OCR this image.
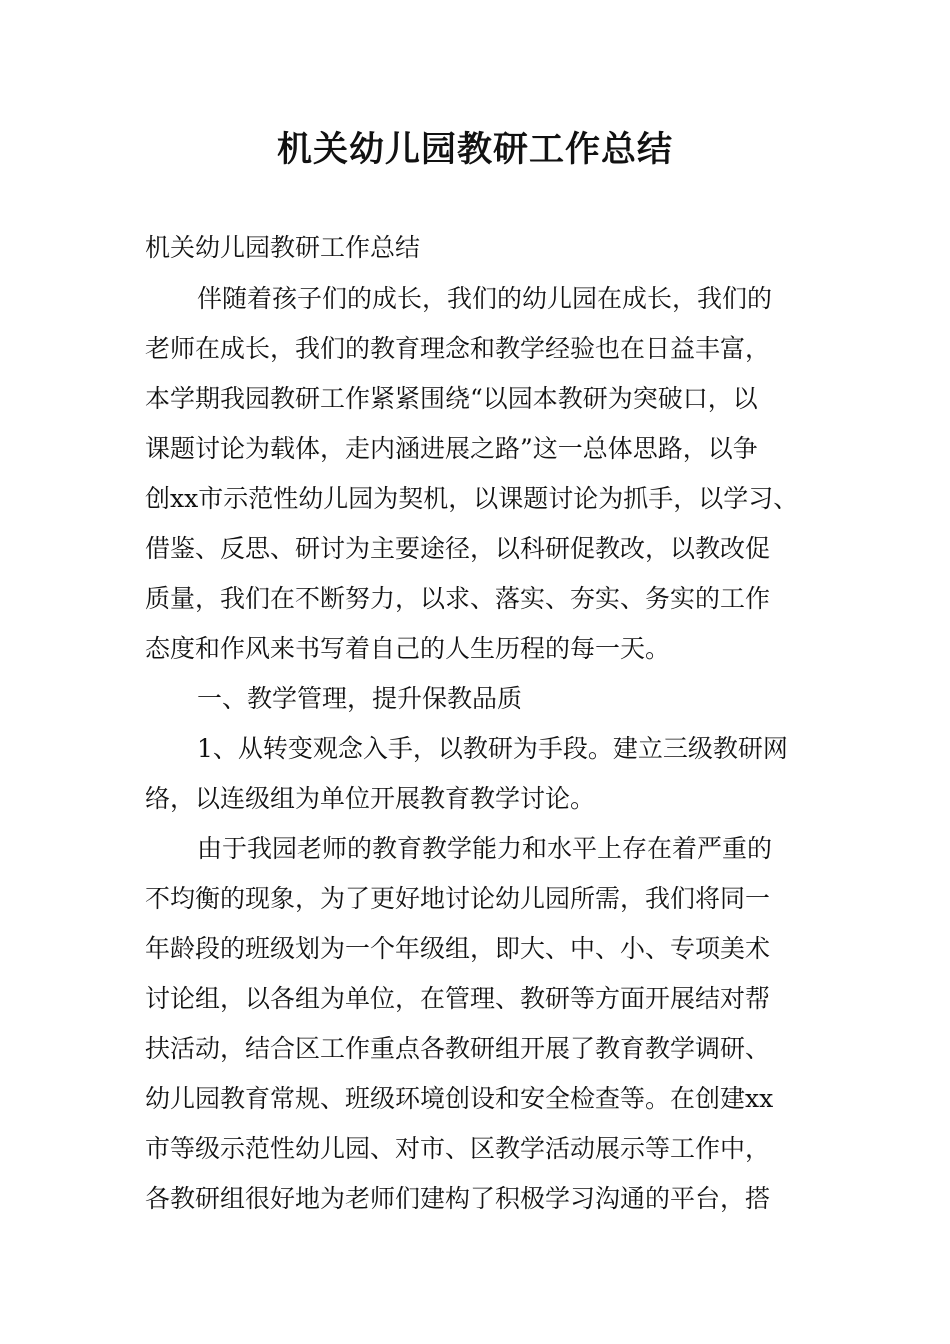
机关幼儿园教研工作总结

机关幼儿园教研工作总结

伴随着孩子们的成长，我们的幼儿园在成长，我们的

老师在成长，我们的教育理念和教学经验也在日益丰富，

本学期我园教研工作紧紧围绕“以园本教研为突破口，以

课题讨论为载体，走内涵进展之路”这一总体思路，以争

创xx市示范性幼儿园为契机，以课题讨论为抓手，以学习、

借鉴、反思、研讨为主要途径，以科研促教改，以教改促

质量，我们在不断努力，以求、落实、夯实、务实的工作

态度和作风来书写着自己的人生历程的每一天。

一、教学管理，提升保教品质

1、从转变观念入手，以教研为手段。建立三级教研网

络，以连级组为单位开展教育教学讨论。

由于我园老师的教育教学能力和水平上存在着严重的

不均衡的现象，为了更好地讨论幼儿园所需，我们将同一

年龄段的班级划为一个年级组，即大、中、小、专项美术

讨论组，以各组为单位，在管理、教研等方面开展结对帮

扶活动，结合区工作重点各教研组开展了教育教学调研、

幼儿园教育常规、班级环境创设和安全检查等。在创建xx

市等级示范性幼儿园、对市、区教学活动展示等工作中，

各教研组很好地为老师们建构了积极学习沟通的平台，搭
